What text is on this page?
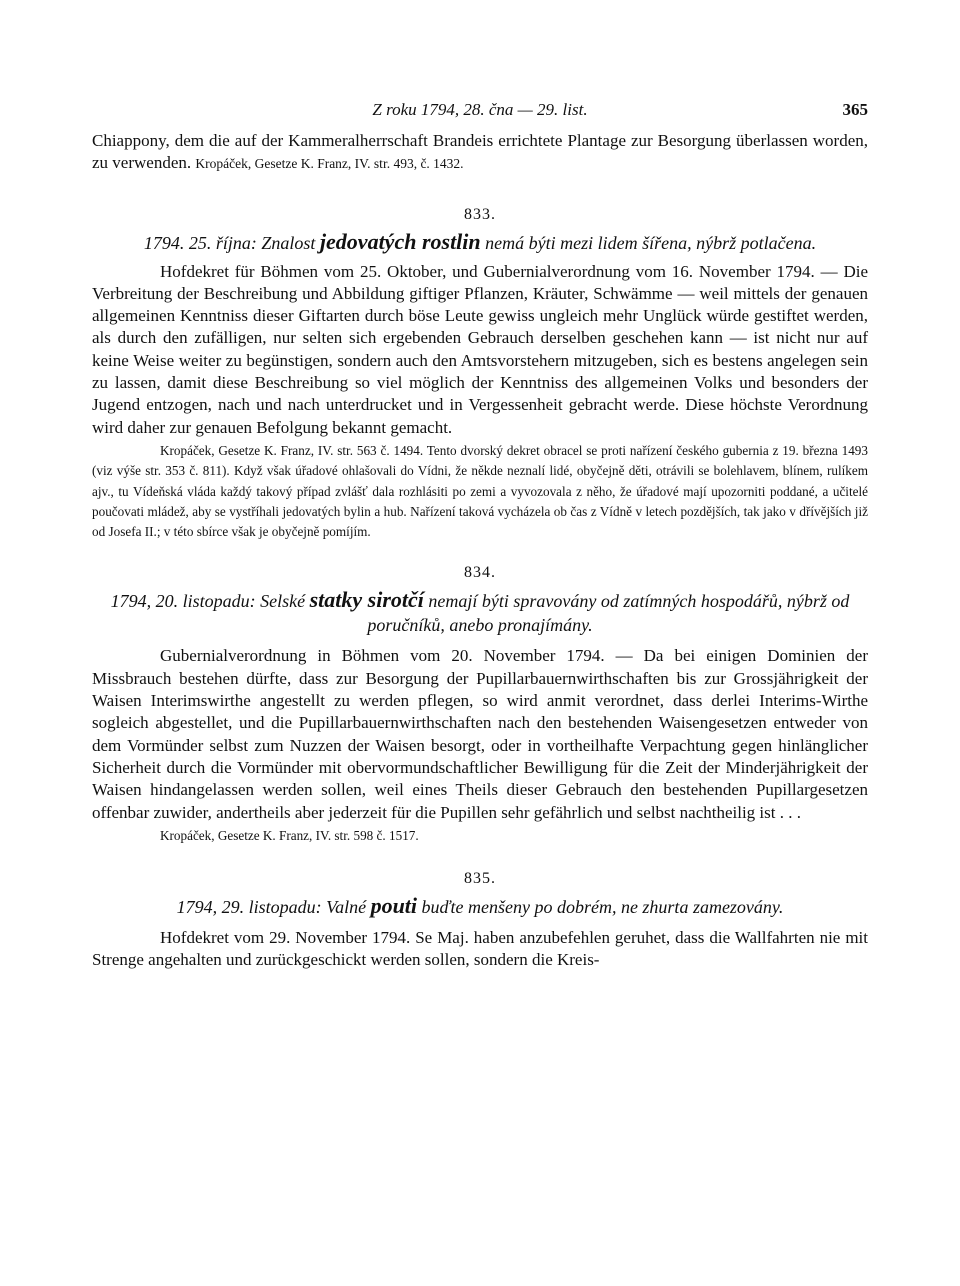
Z roku 1794, 28. čna — 29. list.	365

Chiappony, dem die auf der Kammeralherrschaft Brandeis errichtete Plantage zur Besorgung überlassen worden, zu verwenden. Kropáček, Gesetze K. Franz, IV. str. 493, č. 1432.

833.

1794. 25. října: Znalost jedovatých rostlin nemá býti mezi lidem šířena, nýbrž potlačena.

Hofdekret für Böhmen vom 25. Oktober, und Gubernialverordnung vom 16. November 1794. — Die Verbreitung der Beschreibung und Abbildung giftiger Pflanzen, Kräuter, Schwämme — weil mittels der genauen allgemeinen Kenntniss dieser Giftarten durch böse Leute gewiss ungleich mehr Unglück würde gestiftet werden, als durch den zufälligen, nur selten sich ergebenden Gebrauch derselben geschehen kann — ist nicht nur auf keine Weise weiter zu begünstigen, sondern auch den Amtsvorstehern mitzugeben, sich es bestens angelegen sein zu lassen, damit diese Beschreibung so viel möglich der Kenntniss des allgemeinen Volks und besonders der Jugend entzogen, nach und nach unterdrucket und in Vergessenheit gebracht werde. Diese höchste Verordnung wird daher zur genauen Befolgung bekannt gemacht.

Kropáček, Gesetze K. Franz, IV. str. 563 č. 1494. Tento dvorský dekret obracel se proti nařízení českého gubernia z 19. března 1493 (viz výše str. 353 č. 811). Když však úřadové ohlašovali do Vídni, že někde neznalí lidé, obyčejně děti, otrávili se bolehlavem, blínem, rulíkem ajv., tu Vídeňská vláda každý takový případ zvlášť dala rozhlásiti po zemi a vyvozovala z něho, že úřadové mají upozorniti poddané, a učitelé poučovati mládež, aby se vystříhali jedovatých bylin a hub. Nařízení taková vycházela ob čas z Vídně v letech pozdějších, tak jako v dřívějších již od Josefa II.; v této sbírce však je obyčejně pomíjím.

834.

1794, 20. listopadu: Selské statky sirotčí nemají býti spravovány od zatímných hospodářů, nýbrž od poručníků, anebo pronajímány.

Gubernialverordnung in Böhmen vom 20. November 1794. — Da bei einigen Dominien der Missbrauch bestehen dürfte, dass zur Besorgung der Pupillarbauernwirthschaften bis zur Grossjährigkeit der Waisen Interimswirthe angestellt zu werden pflegen, so wird anmit verordnet, dass derlei Interims-Wirthe sogleich abgestellet, und die Pupillarbauernwirthschaften nach den bestehenden Waisengesetzen entweder von dem Vormünder selbst zum Nuzzen der Waisen besorgt, oder in vortheilhafte Verpachtung gegen hinlänglicher Sicherheit durch die Vormünder mit obervormundschaftlicher Bewilligung für die Zeit der Minderjährigkeit der Waisen hindangelassen werden sollen, weil eines Theils dieser Gebrauch den bestehenden Pupillargesetzen offenbar zuwider, andertheils aber jederzeit für die Pupillen sehr gefährlich und selbst nachtheilig ist . . .

Kropáček, Gesetze K. Franz, IV. str. 598 č. 1517.

835.

1794, 29. listopadu: Valné pouti buďte menšeny po dobrém, ne zhurta zamezovány.

Hofdekret vom 29. November 1794. Se Maj. haben anzubefehlen geruhet, dass die Wallfahrten nie mit Strenge angehalten und zurückgeschickt werden sollen, sondern die Kreis-
